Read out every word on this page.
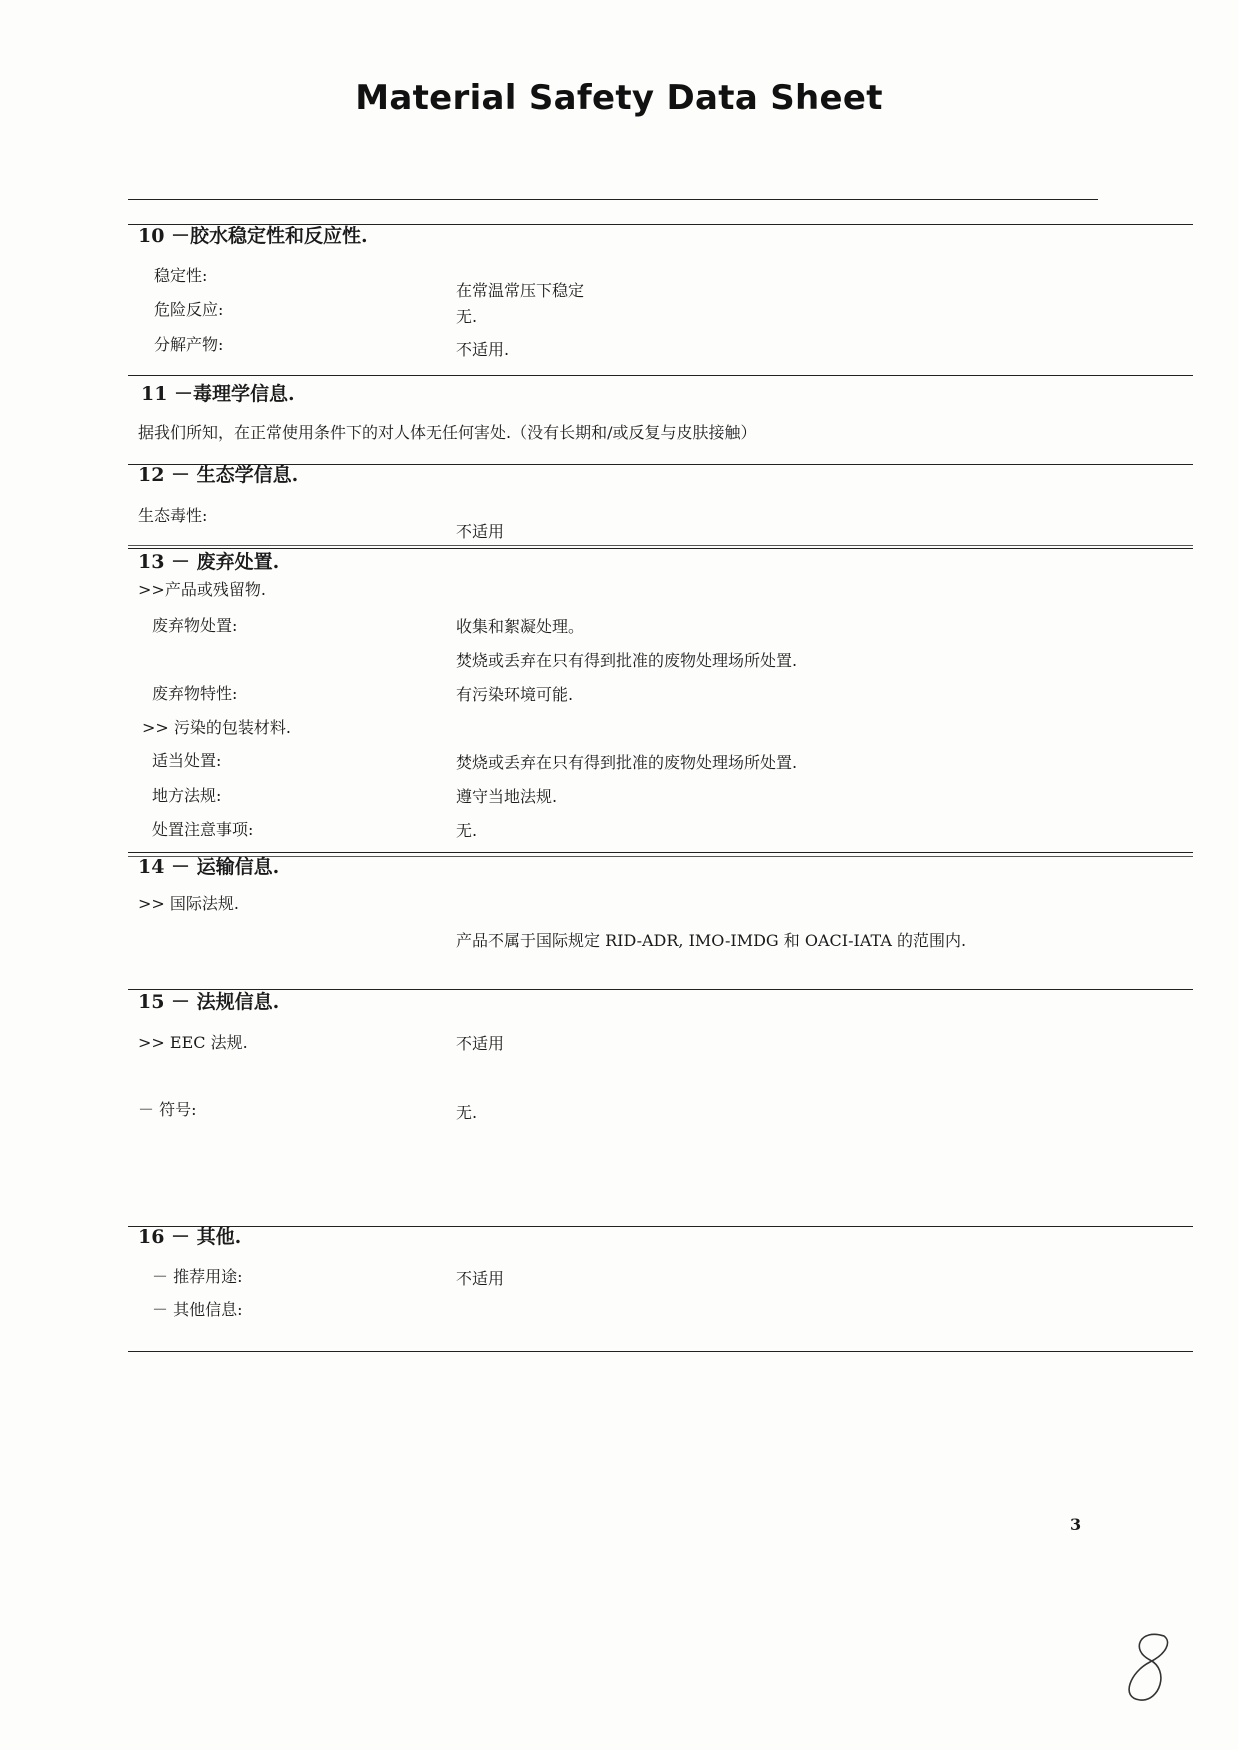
Material Safety Data Sheet
10 －胶水稳定性和反应性.
稳定性:
在常温常压下稳定
危险反应:	无.
分解产物:	不适用.
11 －毒理学信息.
据我们所知，在正常使用条件下的对人体无任何害处.（没有长期和/或反复与皮肤接触）
12 － 生态学信息.
生态毒性:
不适用
13 － 废弃处置.
>>产品或残留物.
废弃物处置:	收集和絮凝处理。
焚烧或丢弃在只有得到批准的废物处理场所处置.
废弃物特性:	有污染环境可能.
>> 污染的包装材料.
适当处置:	焚烧或丢弃在只有得到批准的废物处理场所处置.
地方法规:	遵守当地法规.
处置注意事项:	无.
14 － 运输信息.
>> 国际法规.
产品不属于国际规定 RID-ADR, IMO-IMDG 和 OACI-IATA 的范围内.
15 － 法规信息.
>> EEC 法规.	不适用
－ 符号:	无.
16 － 其他.
－ 推荐用途:	不适用
－ 其他信息:
3
